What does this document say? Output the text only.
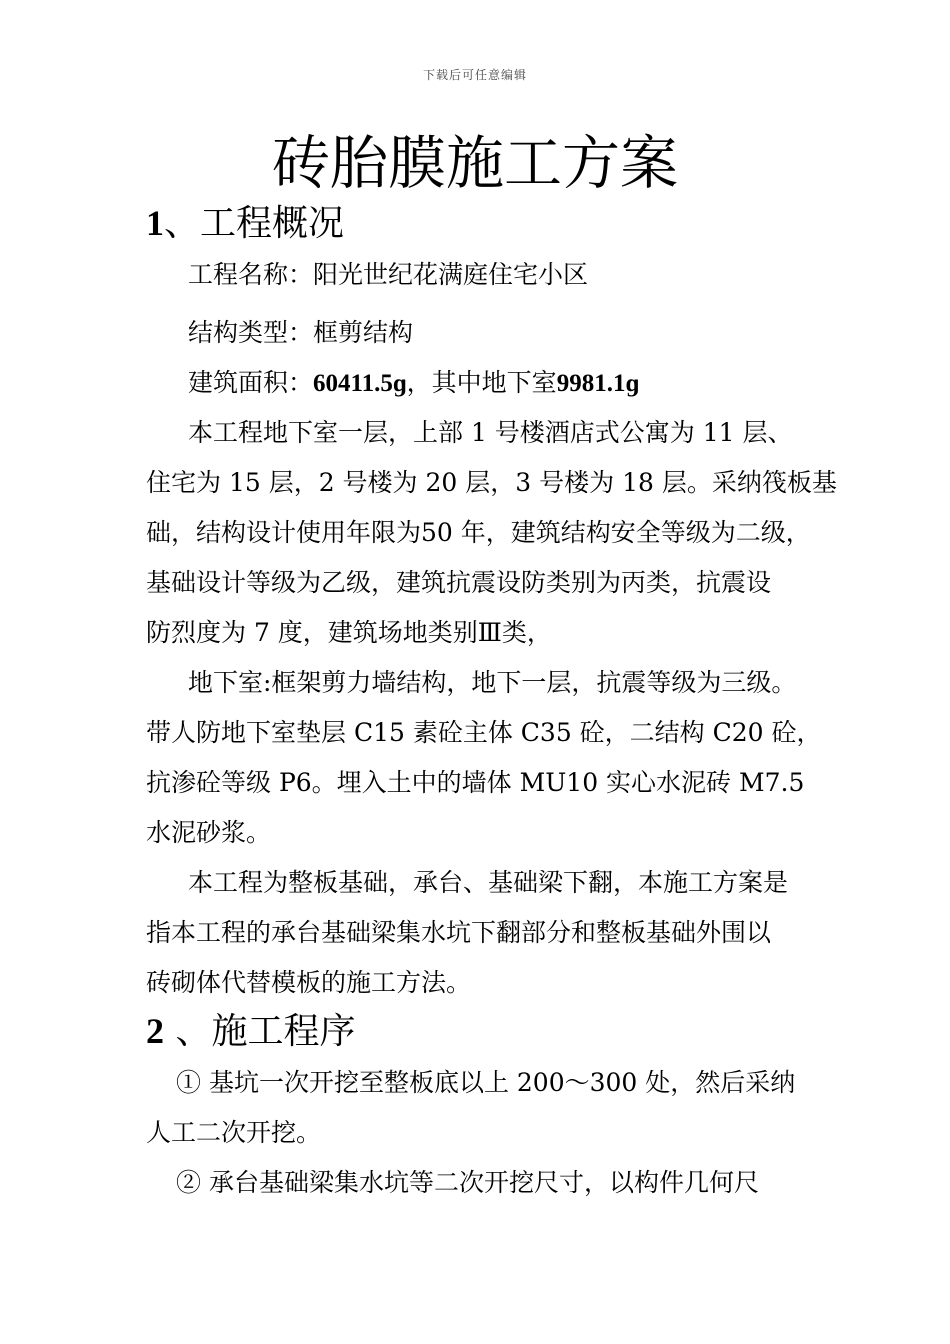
下载后可任意编辑
砖胎膜施工方案
1、工程概况

工程名称：阳光世纪花满庭住宅小区

结构类型：框剪结构

建筑面积：60411.5ɡ，其中地下室9981.1ɡ

本工程地下室一层，上部 1 号楼酒店式公寓为 11 层、

住宅为 15 层，2 号楼为 20 层，3 号楼为 18 层。采纳筏板基

础，结构设计使用年限为50 年，建筑结构安全等级为二级，

基础设计等级为乙级，建筑抗震设防类别为丙类，抗震设

防烈度为 7 度，建筑场地类别Ⅲ类，

地下室:框架剪力墙结构，地下一层，抗震等级为三级。

带人防地下室垫层 C15 素砼主体 C35 砼，二结构 C20 砼，

抗渗砼等级 P6。埋入土中的墙体 MU10 实心水泥砖 M7.5

水泥砂浆。

本工程为整板基础，承台、基础梁下翻，本施工方案是

指本工程的承台基础梁集水坑下翻部分和整板基础外围以

砖砌体代替模板的施工方法。

2 、施工程序

① 基坑一次开挖至整板底以上 200～300 处，然后采纳

人工二次开挖。

② 承台基础梁集水坑等二次开挖尺寸，以构件几何尺
